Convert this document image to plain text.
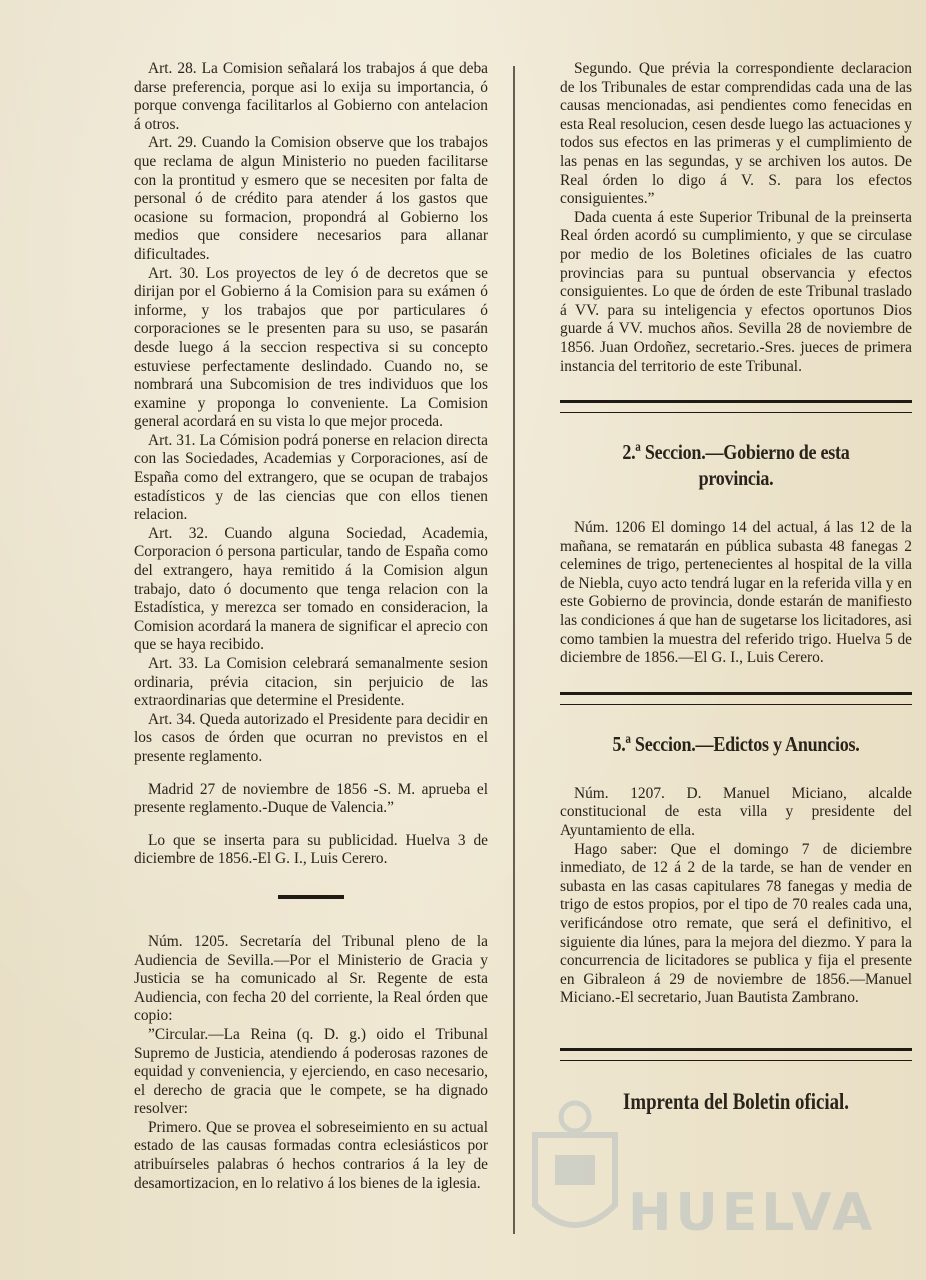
Art. 28. La Comision señalará los trabajos á que deba darse preferencia, porque asi lo exija su importancia, ó porque convenga facilitarlos al Gobierno con antelacion á otros.

Art. 29. Cuando la Comision observe que los trabajos que reclama de algun Ministerio no pueden facilitarse con la prontitud y esmero que se necesiten por falta de personal ó de crédito para atender á los gastos que ocasione su formacion, propondrá al Gobierno los medios que considere necesarios para allanar dificultades.

Art. 30. Los proyectos de ley ó de decretos que se dirijan por el Gobierno á la Comision para su exámen ó informe, y los trabajos que por particulares ó corporaciones se le presenten para su uso, se pasarán desde luego á la seccion respectiva si su concepto estuviese perfectamente deslindado. Cuando no, se nombrará una Subcomision de tres individuos que los examine y proponga lo conveniente. La Comision general acordará en su vista lo que mejor proceda.

Art. 31. La Cómision podrá ponerse en relacion directa con las Sociedades, Academias y Corporaciones, así de España como del extrangero, que se ocupan de trabajos estadísticos y de las ciencias que con ellos tienen relacion.

Art. 32. Cuando alguna Sociedad, Academia, Corporacion ó persona particular, tando de España como del extrangero, haya remitido á la Comision algun trabajo, dato ó documento que tenga relacion con la Estadística, y merezca ser tomado en consideracion, la Comision acordará la manera de significar el aprecio con que se haya recibido.

Art. 33. La Comision celebrará semanalmente sesion ordinaria, prévia citacion, sin perjuicio de las extraordinarias que determine el Presidente.

Art. 34. Queda autorizado el Presidente para decidir en los casos de órden que ocurran no previstos en el presente reglamento.

Madrid 27 de noviembre de 1856 -S. M. aprueba el presente reglamento.-Duque de Valencia.”

Lo que se inserta para su publicidad. Huelva 3 de diciembre de 1856.-El G. I., Luis Cerero.

Núm. 1205. Secretaría del Tribunal pleno de la Audiencia de Sevilla.—Por el Ministerio de Gracia y Justicia se ha comunicado al Sr. Regente de esta Audiencia, con fecha 20 del corriente, la Real órden que copio:

”Circular.—La Reina (q. D. g.) oido el Tribunal Supremo de Justicia, atendiendo á poderosas razones de equidad y conveniencia, y ejerciendo, en caso necesario, el derecho de gracia que le compete, se ha dignado resolver:

Primero. Que se provea el sobreseimiento en su actual estado de las causas formadas contra eclesiásticos por atribuírseles palabras ó hechos contrarios á la ley de desamortizacion, en lo relativo á los bienes de la iglesia.

Segundo. Que prévia la correspondiente declaracion de los Tribunales de estar comprendidas cada una de las causas mencionadas, asi pendientes como fenecidas en esta Real resolucion, cesen desde luego las actuaciones y todos sus efectos en las primeras y el cumplimiento de las penas en las segundas, y se archiven los autos. De Real órden lo digo á V. S. para los efectos consiguientes.”

Dada cuenta á este Superior Tribunal de la preinserta Real órden acordó su cumplimiento, y que se circulase por medio de los Boletines oficiales de las cuatro provincias para su puntual observancia y efectos consiguientes. Lo que de órden de este Tribunal traslado á VV. para su inteligencia y efectos oportunos Dios guarde á VV. muchos años. Sevilla 28 de noviembre de 1856. Juan Ordoñez, secretario.-Sres. jueces de primera instancia del territorio de este Tribunal.

2.ª Seccion.—Gobierno de esta provincia.

Núm. 1206 El domingo 14 del actual, á las 12 de la mañana, se rematarán en pública subasta 48 fanegas 2 celemines de trigo, pertenecientes al hospital de la villa de Niebla, cuyo acto tendrá lugar en la referida villa y en este Gobierno de provincia, donde estarán de manifiesto las condiciones á que han de sugetarse los licitadores, asi como tambien la muestra del referido trigo. Huelva 5 de diciembre de 1856.—El G. I., Luis Cerero.

5.ª Seccion.—Edictos y Anuncios.

Núm. 1207. D. Manuel Miciano, alcalde constitucional de esta villa y presidente del Ayuntamiento de ella.

Hago saber: Que el domingo 7 de diciembre inmediato, de 12 á 2 de la tarde, se han de vender en subasta en las casas capitulares 78 fanegas y media de trigo de estos propios, por el tipo de 70 reales cada una, verificándose otro remate, que será el definitivo, el siguiente dia lúnes, para la mejora del diezmo. Y para la concurrencia de licitadores se publica y fija el presente en Gibraleon á 29 de noviembre de 1856.—Manuel Miciano.-El secretario, Juan Bautista Zambrano.

Imprenta del Boletin oficial.
HUELVA
